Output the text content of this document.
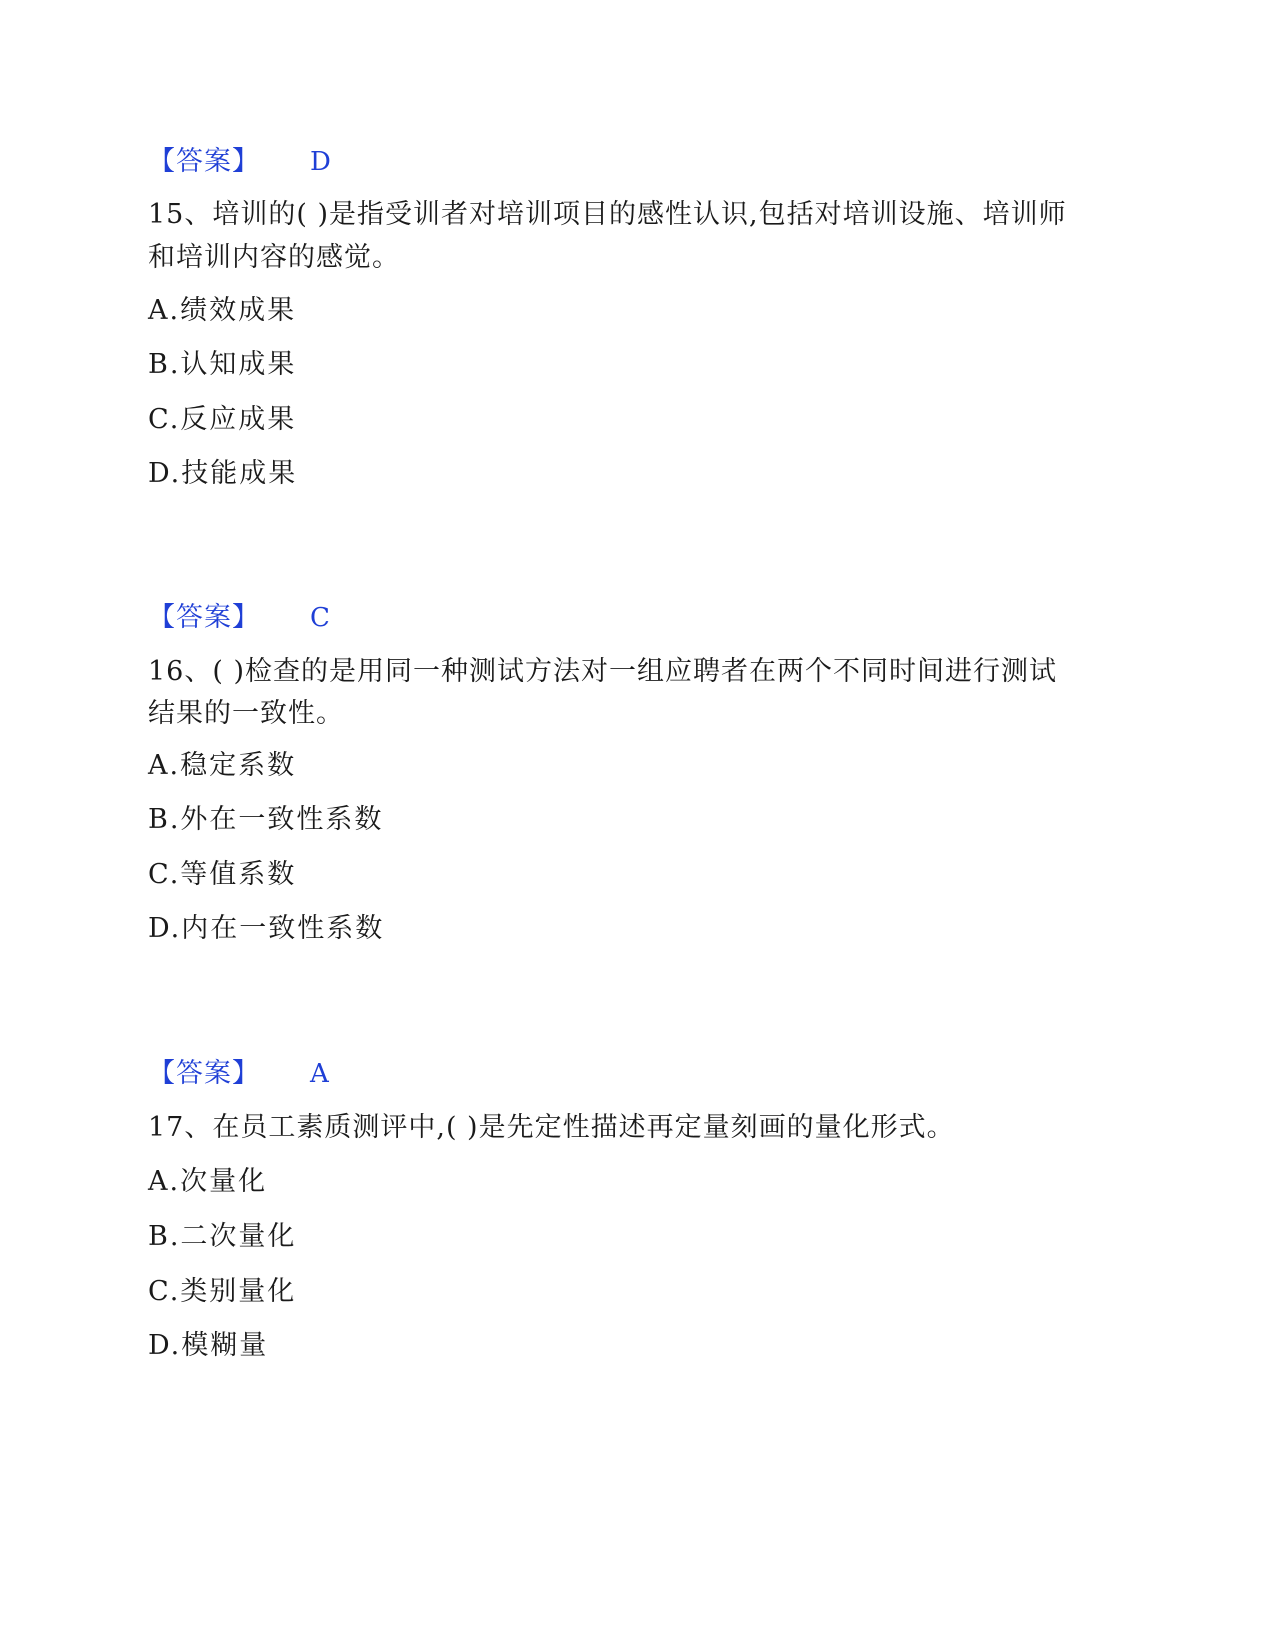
【答案】 D
15、培训的( )是指受训者对培训项目的感性认识,包括对培训设施、培训师
和培训内容的感觉。
A.绩效成果
B.认知成果
C.反应成果
D.技能成果
【答案】 C
16、( )检查的是用同一种测试方法对一组应聘者在两个不同时间进行测试
结果的一致性。
A.稳定系数
B.外在一致性系数
C.等值系数
D.内在一致性系数
【答案】 A
17、在员工素质测评中,( )是先定性描述再定量刻画的量化形式。
A.次量化
B.二次量化
C.类别量化
D.模糊量
